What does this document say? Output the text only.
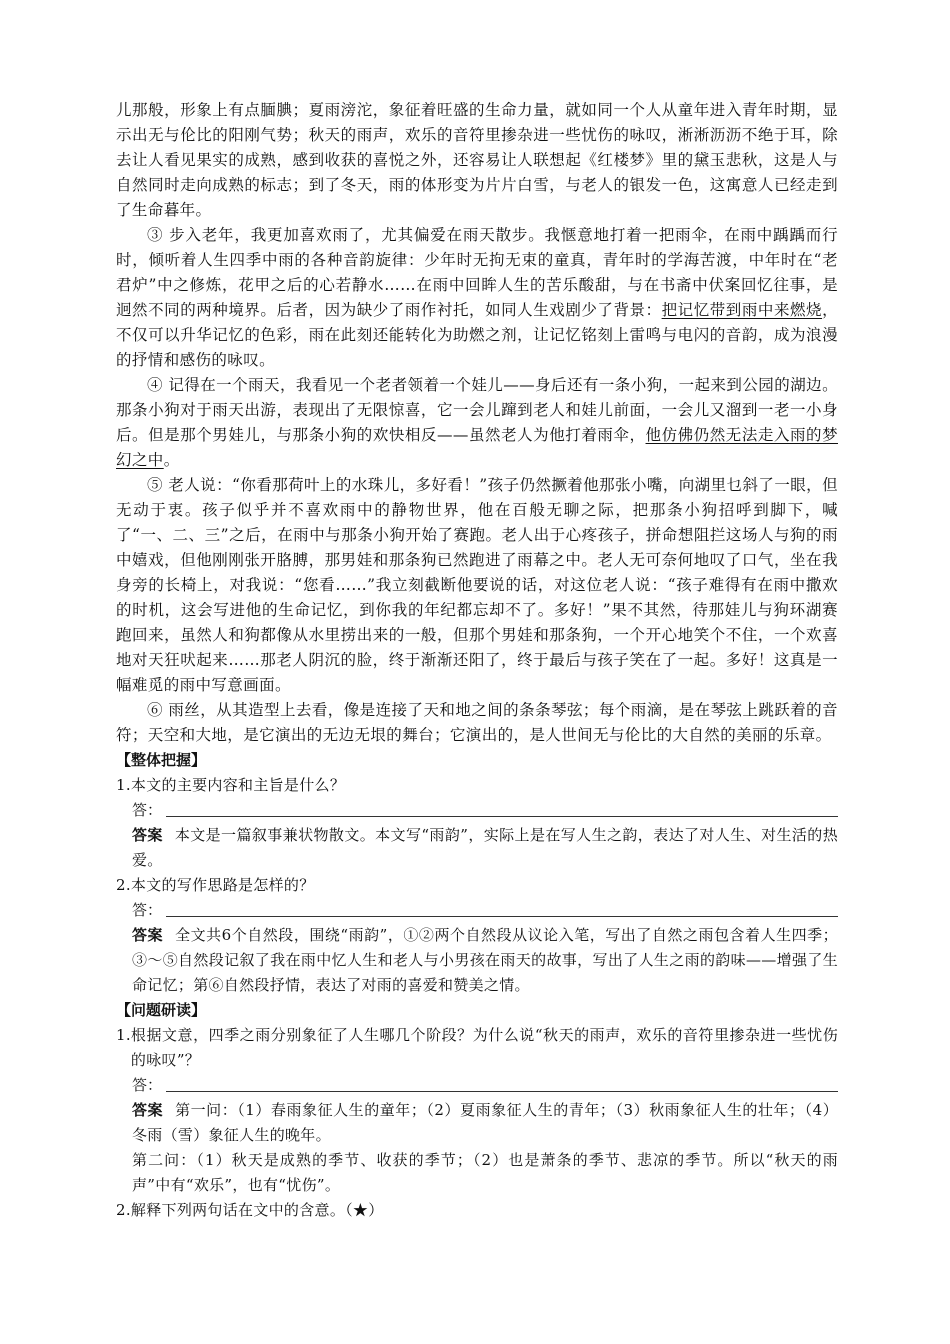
儿那般，形象上有点腼腆；夏雨滂沱，象征着旺盛的生命力量，就如同一个人从童年进入青年时期，显示出无与伦比的阳刚气势；秋天的雨声，欢乐的音符里掺杂进一些忧伤的咏叹，淅淅沥沥不绝于耳，除去让人看见果实的成熟，感到收获的喜悦之外，还容易让人联想起《红楼梦》里的黛玉悲秋，这是人与自然同时走向成熟的标志；到了冬天，雨的体形变为片片白雪，与老人的银发一色，这寓意人已经走到了生命暮年。

③ 步入老年，我更加喜欢雨了，尤其偏爱在雨天散步。我惬意地打着一把雨伞，在雨中踽踽而行时，倾听着人生四季中雨的各种音韵旋律：少年时无拘无束的童真，青年时的学海苦渡，中年时在“老君炉”中之修炼，花甲之后的心若静水……在雨中回眸人生的苦乐酸甜，与在书斋中伏案回忆往事，是迥然不同的两种境界。后者，因为缺少了雨作衬托，如同人生戏剧少了背景：把记忆带到雨中来燃烧，不仅可以升华记忆的色彩，雨在此刻还能转化为助燃之剂，让记忆铭刻上雷鸣与电闪的音韵，成为浪漫的抒情和感伤的咏叹。

④ 记得在一个雨天，我看见一个老者领着一个娃儿——身后还有一条小狗，一起来到公园的湖边。那条小狗对于雨天出游，表现出了无限惊喜，它一会儿蹿到老人和娃儿前面，一会儿又溜到一老一小身后。但是那个男娃儿，与那条小狗的欢快相反——虽然老人为他打着雨伞，他仿佛仍然无法走入雨的梦幻之中。

⑤ 老人说：“你看那荷叶上的水珠儿，多好看！”孩子仍然撅着他那张小嘴，向湖里乜斜了一眼，但无动于衷。孩子似乎并不喜欢雨中的静物世界，他在百般无聊之际，把那条小狗招呼到脚下，喊了“一、二、三”之后，在雨中与那条小狗开始了赛跑。老人出于心疼孩子，拼命想阻拦这场人与狗的雨中嬉戏，但他刚刚张开胳膊，那男娃和那条狗已然跑进了雨幕之中。老人无可奈何地叹了口气，坐在我身旁的长椅上，对我说：“您看……”我立刻截断他要说的话，对这位老人说：“孩子难得有在雨中撒欢的时机，这会写进他的生命记忆，到你我的年纪都忘却不了。多好！”果不其然，待那娃儿与狗环湖赛跑回来，虽然人和狗都像从水里捞出来的一般，但那个男娃和那条狗，一个开心地笑个不住，一个欢喜地对天狂吠起来……那老人阴沉的脸，终于渐渐还阳了，终于最后与孩子笑在了一起。多好！这真是一幅难觅的雨中写意画面。

⑥ 雨丝，从其造型上去看，像是连接了天和地之间的条条琴弦；每个雨滴，是在琴弦上跳跃着的音符；天空和大地，是它演出的无边无垠的舞台；它演出的，是人世间无与伦比的大自然的美丽的乐章。

【整体把握】
1. 本文的主要内容和主旨是什么？
答：
答案 本文是一篇叙事兼状物散文。本文写“雨韵”，实际上是在写人生之韵，表达了对人生、对生活的热爱。
2. 本文的写作思路是怎样的？
答：
答案 全文共6个自然段，围绕“雨韵”，①②两个自然段从议论入笔，写出了自然之雨包含着人生四季；③～⑤自然段记叙了我在雨中忆人生和老人与小男孩在雨天的故事，写出了人生之雨的韵味——增强了生命记忆；第⑥自然段抒情，表达了对雨的喜爱和赞美之情。
【问题研读】
1. 根据文意，四季之雨分别象征了人生哪几个阶段？为什么说“秋天的雨声，欢乐的音符里掺杂进一些忧伤的咏叹”？
答：
答案 第一问：（1）春雨象征人生的童年；（2）夏雨象征人生的青年；（3）秋雨象征人生的壮年；（4）冬雨（雪）象征人生的晚年。
第二问：（1）秋天是成熟的季节、收获的季节；（2）也是萧条的季节、悲凉的季节。所以“秋天的雨声”中有“欢乐”，也有“忧伤”。
2. 解释下列两句话在文中的含意。（★）
